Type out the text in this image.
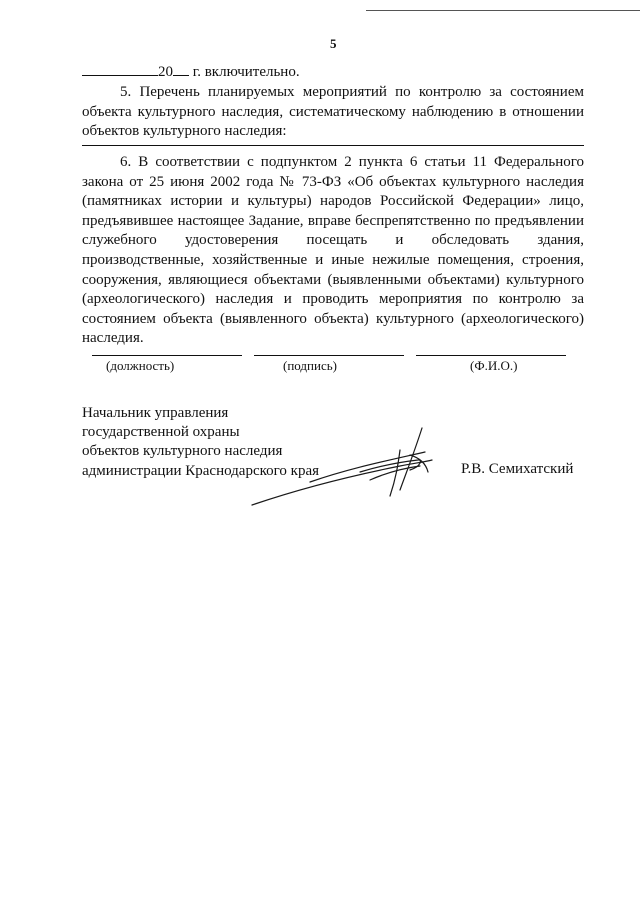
5
20 г. включительно.
5. Перечень планируемых мероприятий по контролю за состоянием объекта культурного наследия, систематическому наблюдению в отношении объектов культурного наследия:
6. В соответствии с подпунктом 2 пункта 6 статьи 11 Федерального закона от 25 июня 2002 года № 73-ФЗ «Об объектах культурного наследия (памятниках истории и культуры) народов Российской Федерации» лицо, предъявившее настоящее Задание, вправе беспрепятственно по предъявлении служебного удостоверения посещать и обследовать здания, производственные, хозяйственные и иные нежилые помещения, строения, сооружения, являющиеся объектами (выявленными объектами) культурного (археологического) наследия и проводить мероприятия по контролю за состоянием объекта (выявленного объекта) культурного (археологического) наследия.
(должность)	(подпись)	(Ф.И.О.)
Начальник управления
государственной охраны
объектов культурного наследия
администрации Краснодарского края	Р.В. Семихатский
